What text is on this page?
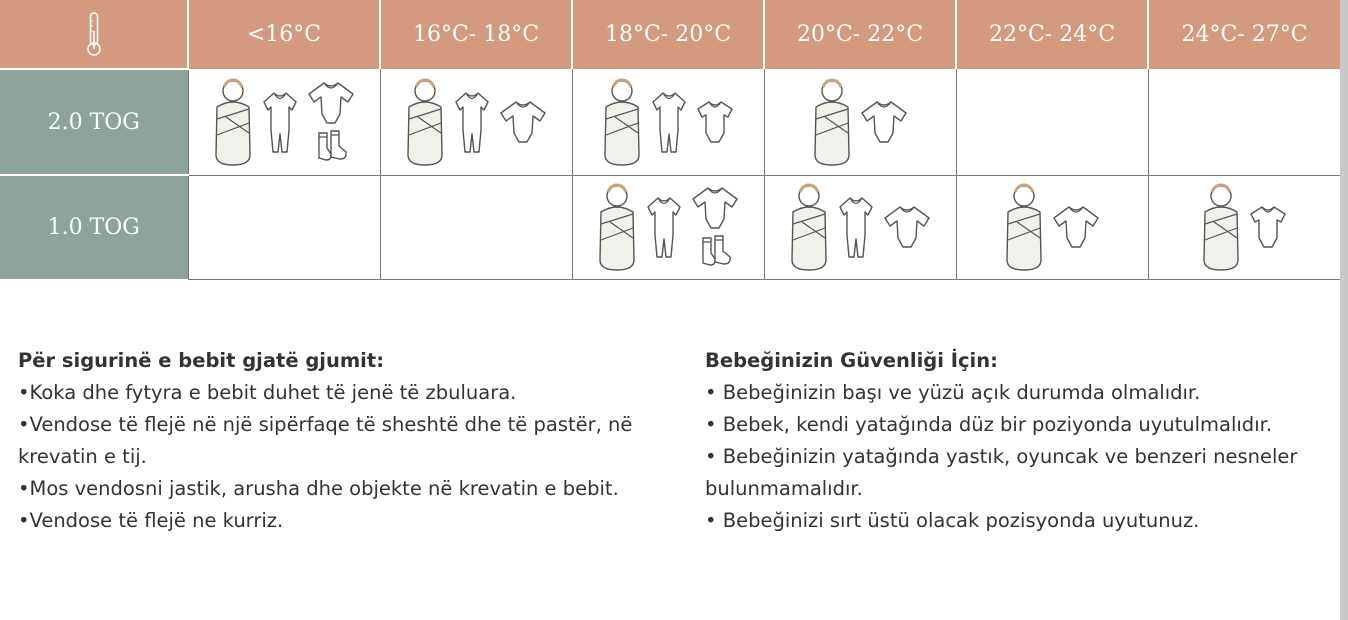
	<16°C	16°C- 18°C	18°C- 20°C	20°C- 22°C	22°C- 24°C	24°C- 27°C
2.0 TOG	

1.0 TOG			

Për sigurinë e bebit gjatë gjumit:

•Koka dhe fytyra e bebit duhet të jenë të zbuluara.

•Vendose të flejë në një sipërfaqe të sheshtë dhe të pastër, në krevatin e tij.

•Mos vendosni jastik, arusha dhe objekte në krevatin e bebit.

•Vendose të flejë ne kurriz.

Bebeğinizin Güvenliği İçin:

• Bebeğinizin başı ve yüzü açık durumda olmalıdır.

• Bebek, kendi yatağında düz bir poziyonda uyutulmalıdır.

• Bebeğinizin yatağında yastık, oyuncak ve benzeri nesneler bulunmamalıdır.

• Bebeğinizi sırt üstü olacak pozisyonda uyutunuz.
